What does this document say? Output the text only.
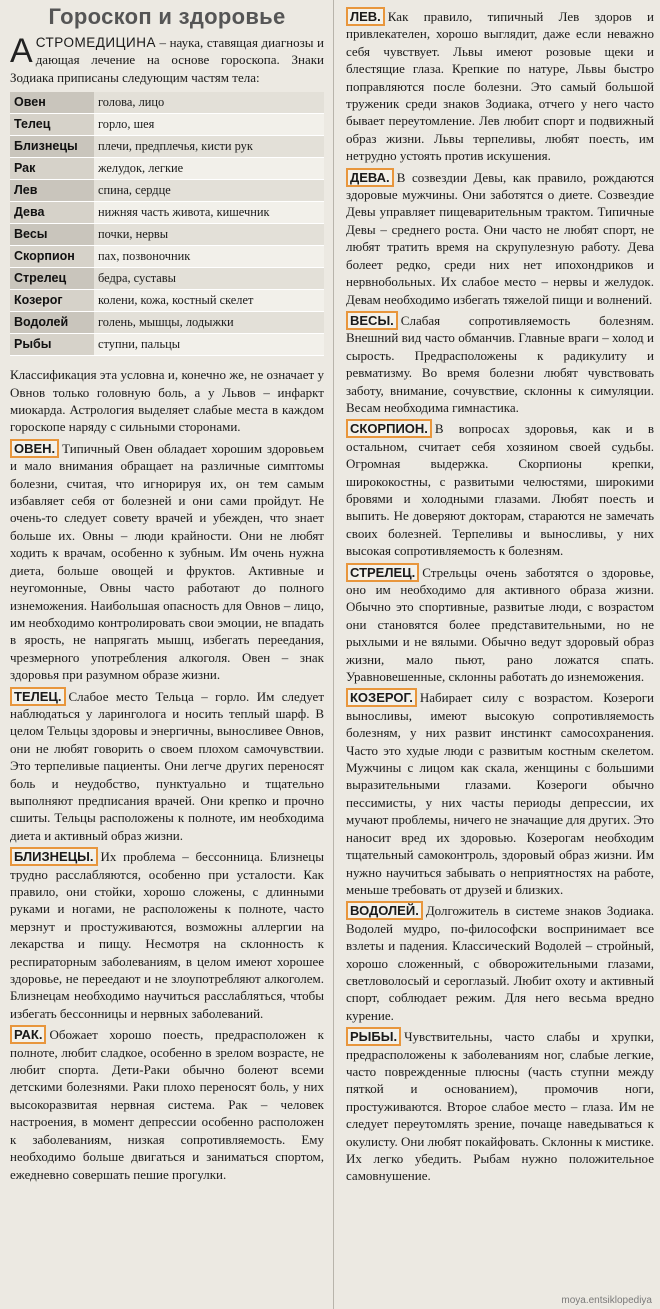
Гороскоп и здоровье

АСТРОМЕДИЦИНА – наука, ставящая диагнозы и дающая лечение на основе гороскопа. Знаки Зодиака приписаны следующим частям тела:

Овен	голова, лицо
Телец	горло, шея
Близнецы	плечи, предплечья, кисти рук
Рак	желудок, легкие
Лев	спина, сердце
Дева	нижняя часть живота, кишечник
Весы	почки, нервы
Скорпион	пах, позвоночник
Стрелец	бедра, суставы
Козерог	колени, кожа, костный скелет
Водолей	голень, мышцы, лодыжки
Рыбы	ступни, пальцы

Классификация эта условна и, конечно же, не означает у Овнов только головную боль, а у Львов – инфаркт миокарда. Астрология выделяет слабые места в каждом гороскопе наряду с сильными сторонами.

ОВЕН. Типичный Овен обладает хорошим здоровьем и мало внимания обращает на различные симптомы болезни, считая, что игнорируя их, он тем самым избавляет себя от болезней и они сами пройдут. Не очень-то следует совету врачей и убежден, что знает больше их. Овны – люди крайности. Они не любят ходить к врачам, особенно к зубным. Им очень нужна диета, больше овощей и фруктов. Активные и неугомонные, Овны часто работают до полного изнеможения. Наибольшая опасность для Овнов – лицо, им необходимо контролировать свои эмоции, не впадать в ярость, не напрягать мышц, избегать переедания, чрезмерного употребления алкоголя. Овен – знак здоровья при разумном образе жизни.

ТЕЛЕЦ. Слабое место Тельца – горло. Им следует наблюдаться у ларинголога и носить теплый шарф. В целом Тельцы здоровы и энергичны, выносливее Овнов, они не любят говорить о своем плохом самочувствии. Это терпеливые пациенты. Они легче других переносят боль и неудобство, пунктуально и тщательно выполняют предписания врачей. Они крепко и прочно сшиты. Тельцы расположены к полноте, им необходима диета и активный образ жизни.

БЛИЗНЕЦЫ. Их проблема – бессонница. Близнецы трудно расслабляются, особенно при усталости. Как правило, они стойки, хорошо сложены, с длинными руками и ногами, не расположены к полноте, часто мерзнут и простуживаются, возможны аллергии на лекарства и пищу. Несмотря на склонность к респираторным заболеваниям, в целом имеют хорошее здоровье, не переедают и не злоупотребляют алкоголем. Близнецам необходимо научиться расслабляться, чтобы избегать бессонницы и нервных заболеваний.

РАК. Обожает хорошо поесть, предрасположен к полноте, любит сладкое, особенно в зрелом возрасте, не любит спорта. Дети-Раки обычно болеют всеми детскими болезнями. Раки плохо переносят боль, у них высокоразвитая нервная система. Рак – человек настроения, в момент депрессии особенно расположен к заболеваниям, низкая сопротивляемость. Ему необходимо больше двигаться и заниматься спортом, ежедневно совершать пешие прогулки.

ЛЕВ. Как правило, типичный Лев здоров и привлекателен, хорошо выглядит, даже если неважно себя чувствует. Львы имеют розовые щеки и блестящие глаза. Крепкие по натуре, Львы быстро поправляются после болезни. Это самый большой труженик среди знаков Зодиака, отчего у него часто бывает переутомление. Лев любит спорт и подвижный образ жизни. Львы терпеливы, любят поесть, им нетрудно устоять против искушения.

ДЕВА. В созвездии Девы, как правило, рождаются здоровые мужчины. Они заботятся о диете. Созвездие Девы управляет пищеварительным трактом. Типичные Девы – среднего роста. Они часто не любят спорт, не любят тратить время на скрупулезную работу. Дева болеет редко, среди них нет ипохондриков и нервнобольных. Их слабое место – нервы и желудок. Девам необходимо избегать тяжелой пищи и волнений.

ВЕСЫ. Слабая сопротивляемость болезням. Внешний вид часто обманчив. Главные враги – холод и сырость. Предрасположены к радикулиту и ревматизму. Во время болезни любят чувствовать заботу, внимание, сочувствие, склонны к симуляции. Весам необходима гимнастика.

СКОРПИОН. В вопросах здоровья, как и в остальном, считает себя хозяином своей судьбы. Огромная выдержка. Скорпионы крепки, ширококостны, с развитыми челюстями, широкими бровями и холодными глазами. Любят поесть и выпить. Не доверяют докторам, стараются не замечать своих болезней. Терпеливы и выносливы, у них высокая сопротивляемость к болезням.

СТРЕЛЕЦ. Стрельцы очень заботятся о здоровье, оно им необходимо для активного образа жизни. Обычно это спортивные, развитые люди, с возрастом они становятся более представительными, но не рыхлыми и не вялыми. Обычно ведут здоровый образ жизни, мало пьют, рано ложатся спать. Уравновешенные, склонны работать до изнеможения.

КОЗЕРОГ. Набирает силу с возрастом. Козероги выносливы, имеют высокую сопротивляемость болезням, у них развит инстинкт самосохранения. Часто это худые люди с развитым костным скелетом. Мужчины с лицом как скала, женщины с большими выразительными глазами. Козероги обычно пессимисты, у них часты периоды депрессии, их мучают проблемы, ничего не значащие для других. Это наносит вред их здоровью. Козерогам необходим тщательный самоконтроль, здоровый образ жизни. Им нужно научиться забывать о неприятностях на работе, меньше требовать от друзей и близких.

ВОДОЛЕЙ. Долгожитель в системе знаков Зодиака. Водолей мудро, по-философски воспринимает все взлеты и падения. Классический Водолей – стройный, хорошо сложенный, с обворожительными глазами, светловолосый и сероглазый. Любит охоту и активный спорт, соблюдает режим. Для него весьма вредно курение.

РЫБЫ. Чувствительны, часто слабы и хрупки, предрасположены к заболеваниям ног, слабые легкие, часто поврежденные плюсны (часть ступни между пяткой и основанием), промочив ноги, простуживаются. Второе слабое место – глаза. Им не следует переутомлять зрение, почаще наведываться к окулисту. Они любят покайфовать. Склонны к мистике. Их легко убедить. Рыбам нужно положительное самовнушение.

moya.entsiklopediya
